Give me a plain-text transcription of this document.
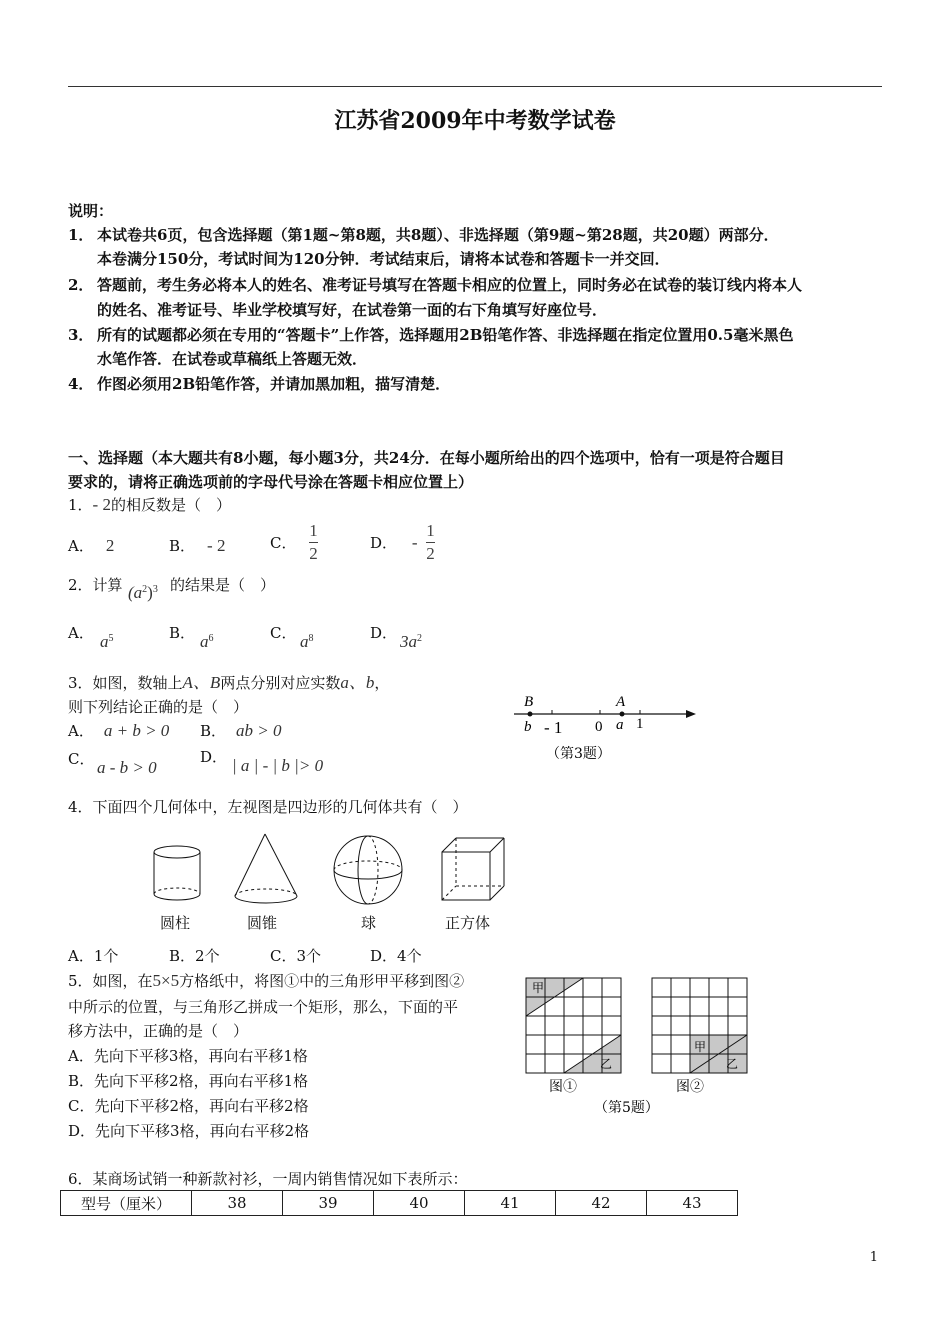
江苏省2009年中考数学试卷
说明：
1． 本试卷共6页，包含选择题（第1题~第8题，共8题）、非选择题（第9题~第28题，共20题）两部分．
本卷满分150分，考试时间为120分钟．考试结束后，请将本试卷和答题卡一并交回．
2． 答题前，考生务必将本人的姓名、准考证号填写在答题卡相应的位置上，同时务必在试卷的装订线内将本人
的姓名、准考证号、毕业学校填写好，在试卷第一面的右下角填写好座位号．
3． 所有的试题都必须在专用的“答题卡”上作答，选择题用2B铅笔作答、非选择题在指定位置用0.5毫米黑色
水笔作答．在试卷或草稿纸上答题无效．
4． 作图必须用2B铅笔作答，并请加黑加粗，描写清楚．
一、选择题（本大题共有8小题，每小题3分，共24分．在每小题所给出的四个选项中，恰有一项是符合题目
要求的，请将正确选项前的字母代号涂在答题卡相应位置上）
1．- 2的相反数是（　）
A． 2	B． - 2	C． $\frac{1}{2}$	D． - $\frac{1}{2}$
2．计算 $(a^2)^3$ 的结果是（　）
A． $a^5$	B． $a^6$	C． $a^8$	D． $3a^2$
3．如图，数轴上A、B两点分别对应实数a、b，
则下列结论正确的是（　）
A． a + b > 0 B． ab > 0
C． a - b > 0
D． | a | - | b |> 0
B	A
b - 1 0 a 1
（第3题）
4．下面四个几何体中，左视图是四边形的几何体共有（　）
圆柱	圆锥	球	正方体
A．1个	B．2个	C．3个	D．4个
5．如图，在5×5方格纸中，将图①中的三角形甲平移到图②
中所示的位置，与三角形乙拼成一个矩形，那么，下面的平
移方法中，正确的是（　）
A．先向下平移3格，再向右平移1格
B．先向下平移2格，再向右平移1格
C．先向下平移2格，再向右平移2格
D．先向下平移3格，再向右平移2格
甲
乙
甲
乙
图①	图②
（第5题）
6．某商场试销一种新款衬衫，一周内销售情况如下表所示：
型号（厘米）	38	39	40	41	42	43
1
